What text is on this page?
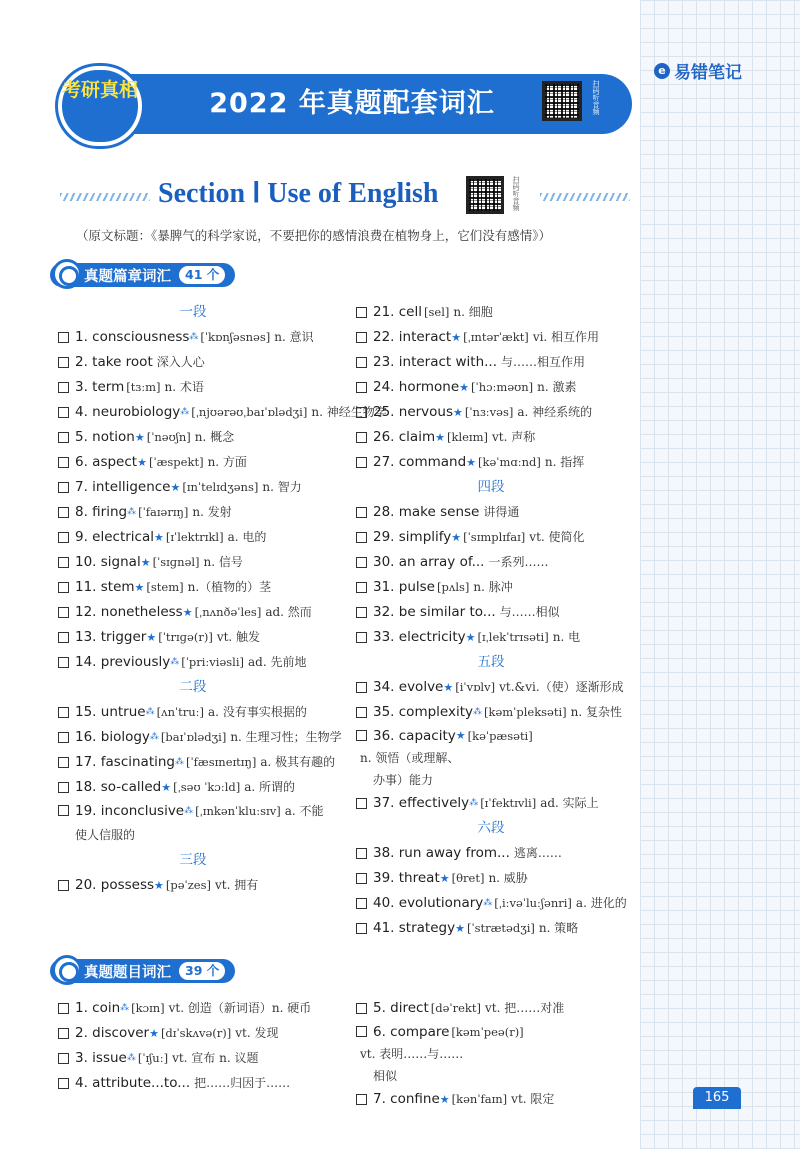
e 易错笔记
2022 年真题配套词汇	扫码听音频
考研真相
Section Ⅰ Use of English	扫码听音频
（原文标题：《暴脾气的科学家说，不要把你的感情浪费在植物身上，它们没有感情》）
真题篇章词汇	41 个
一段
1. consciousness ⁂ [ˈkɒnʃəsnəs] n. 意识
2. take root 深入人心
3. term [tɜːm] n. 术语
4. neurobiology ⁂ [ˌnjʊərəʊˌbaɪˈɒlədʒi] n. 神经生物学
5. notion ★ [ˈnəʊʃn] n. 概念
6. aspect ★ [ˈæspekt] n. 方面
7. intelligence ★ [ɪnˈtelɪdʒəns] n. 智力
8. firing ⁂ [ˈfaɪərɪŋ] n. 发射
9. electrical ★ [ɪˈlektrɪkl] a. 电的
10. signal ★ [ˈsɪɡnəl] n. 信号
11. stem ★ [stem] n.（植物的）茎
12. nonetheless ★ [ˌnʌnðəˈles] ad. 然而
13. trigger ★ [ˈtrɪɡə(r)] vt. 触发
14. previously ⁂ [ˈpriːviəsli] ad. 先前地
二段
15. untrue ⁂ [ʌnˈtruː] a. 没有事实根据的
16. biology ⁂ [baɪˈɒlədʒi] n. 生理习性；生物学
17. fascinating ⁂ [ˈfæsɪneɪtɪŋ] a. 极其有趣的
18. so-called ★ [ˌsəʊ ˈkɔːld] a. 所谓的
19. inconclusive ⁂ [ˌɪnkənˈkluːsɪv] a. 不能
使人信服的
三段
20. possess ★ [pəˈzes] vt. 拥有
21. cell [sel] n. 细胞
22. interact ★ [ˌɪntərˈækt] vi. 相互作用
23. interact with... 与……相互作用
24. hormone ★ [ˈhɔːməʊn] n. 激素
25. nervous ★ [ˈnɜːvəs] a. 神经系统的
26. claim ★ [kleɪm] vt. 声称
27. command ★ [kəˈmɑːnd] n. 指挥
四段
28. make sense 讲得通
29. simplify ★ [ˈsɪmplɪfaɪ] vt. 使简化
30. an array of... 一系列……
31. pulse [pʌls] n. 脉冲
32. be similar to... 与……相似
33. electricity ★ [ɪˌlekˈtrɪsəti] n. 电
五段
34. evolve ★ [iˈvɒlv] vt.&vi.（使）逐渐形成
35. complexity ⁂ [kəmˈpleksəti] n. 复杂性
36. capacity ★ [kəˈpæsəti]
n. 领悟（或理解、
办事）能力
37. effectively ⁂ [ɪˈfektɪvli] ad. 实际上
六段
38. run away from... 逃离……
39. threat ★ [θret] n. 威胁
40. evolutionary ⁂ [ˌiːvəˈluːʃənri] a. 进化的
41. strategy ★ [ˈstrætədʒi] n. 策略
真题题目词汇	39 个
1. coin ⁂ [kɔɪn] vt. 创造（新词语）n. 硬币
2. discover ★ [dɪˈskʌvə(r)] vt. 发现
3. issue ⁂ [ˈɪʃuː] vt. 宣布 n. 议题
4. attribute...to... 把……归因于……
5. direct [dəˈrekt] vt. 把……对准
6. compare [kəmˈpeə(r)]
vt. 表明……与……
相似
7. confine ★ [kənˈfaɪn] vt. 限定	165
